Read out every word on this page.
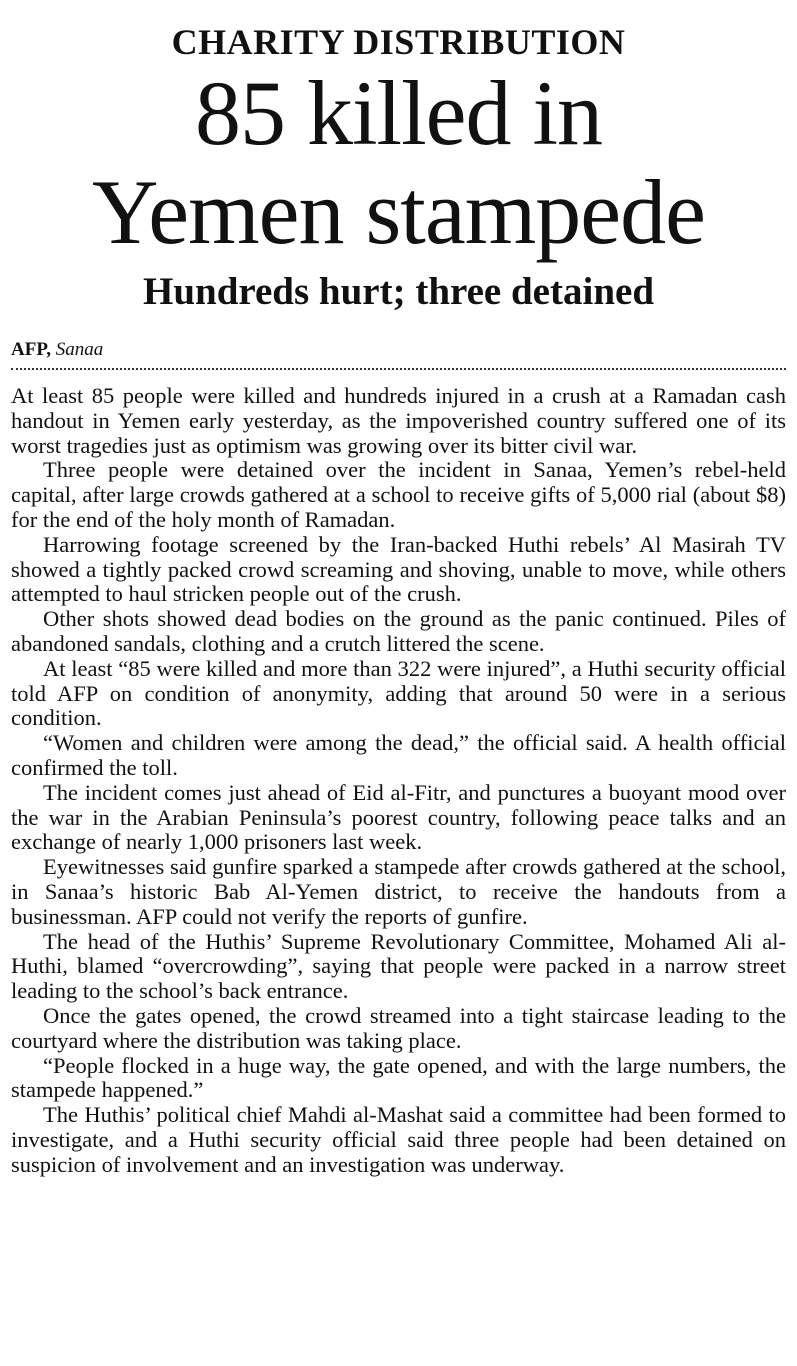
CHARITY DISTRIBUTION
85 killed in
Yemen stampede
Hundreds hurt; three detained
AFP, Sanaa

At least 85 people were killed and hundreds injured in a crush at a Ramadan cash handout in Yemen early yesterday, as the impoverished country suffered one of its worst tragedies just as optimism was growing over its bitter civil war.

Three people were detained over the incident in Sanaa, Yemen’s rebel-held capital, after large crowds gathered at a school to receive gifts of 5,000 rial (about $8) for the end of the holy month of Ramadan.

Harrowing footage screened by the Iran-backed Huthi rebels’ Al Masirah TV showed a tightly packed crowd screaming and shoving, unable to move, while others attempted to haul stricken people out of the crush.

Other shots showed dead bodies on the ground as the panic continued. Piles of abandoned sandals, clothing and a crutch littered the scene.

At least “85 were killed and more than 322 were injured”, a Huthi security official told AFP on condition of anonymity, adding that around 50 were in a serious condition.

“Women and children were among the dead,” the official said. A health official confirmed the toll.

The incident comes just ahead of Eid al-Fitr, and punctures a buoyant mood over the war in the Arabian Peninsula’s poorest country, following peace talks and an exchange of nearly 1,000 prisoners last week.

Eyewitnesses said gunfire sparked a stampede after crowds gathered at the school, in Sanaa’s historic Bab Al-Yemen district, to receive the handouts from a businessman. AFP could not verify the reports of gunfire.

The head of the Huthis’ Supreme Revolutionary Committee, Mohamed Ali al-Huthi, blamed “overcrowding”, saying that people were packed in a narrow street leading to the school’s back entrance.

Once the gates opened, the crowd streamed into a tight staircase leading to the courtyard where the distribution was taking place.

“People flocked in a huge way, the gate opened, and with the large numbers, the stampede happened.”

The Huthis’ political chief Mahdi al-Mashat said a committee had been formed to investigate, and a Huthi security official said three people had been detained on suspicion of involvement and an investigation was underway.
